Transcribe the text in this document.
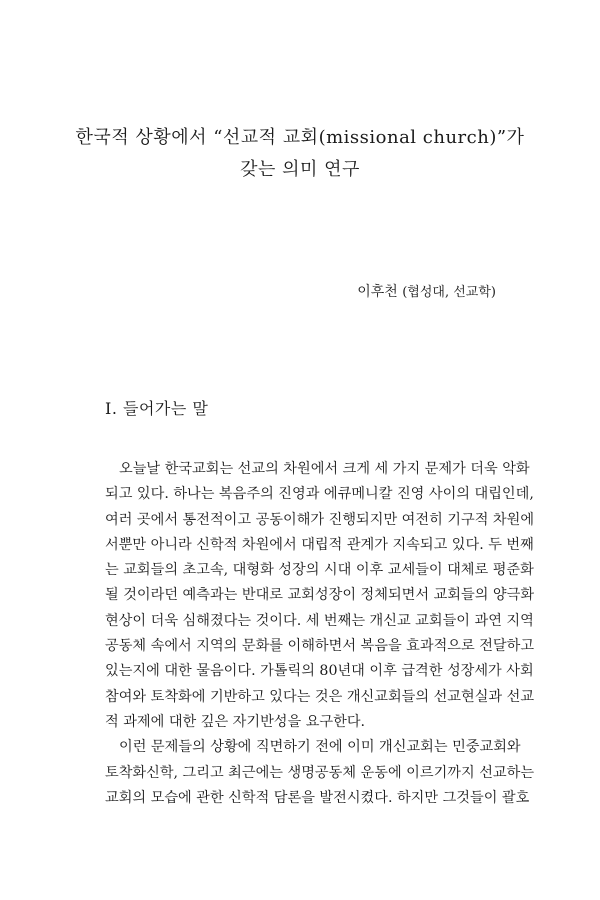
한국적 상황에서 “선교적 교회(missional church)”가
갖는 의미 연구
이후천 (협성대, 선교학)
I. 들어가는 말

오늘날 한국교회는 선교의 차원에서 크게 세 가지 문제가 더욱 악화
되고 있다. 하나는 복음주의 진영과 에큐메니칼 진영 사이의 대립인데,
여러 곳에서 통전적이고 공동이해가 진행되지만 여전히 기구적 차원에
서뿐만 아니라 신학적 차원에서 대립적 관계가 지속되고 있다. 두 번째
는 교회들의 초고속, 대형화 성장의 시대 이후 교세들이 대체로 평준화
될 것이라던 예측과는 반대로 교회성장이 정체되면서 교회들의 양극화
현상이 더욱 심해졌다는 것이다. 세 번째는 개신교 교회들이 과연 지역
공동체 속에서 지역의 문화를 이해하면서 복음을 효과적으로 전달하고
있는지에 대한 물음이다. 가톨릭의 80년대 이후 급격한 성장세가 사회
참여와 토착화에 기반하고 있다는 것은 개신교회들의 선교현실과 선교
적 과제에 대한 깊은 자기반성을 요구한다.

이런 문제들의 상황에 직면하기 전에 이미 개신교회는 민중교회와
토착화신학, 그리고 최근에는 생명공동체 운동에 이르기까지 선교하는
교회의 모습에 관한 신학적 담론을 발전시켰다. 하지만 그것들이 괄호
